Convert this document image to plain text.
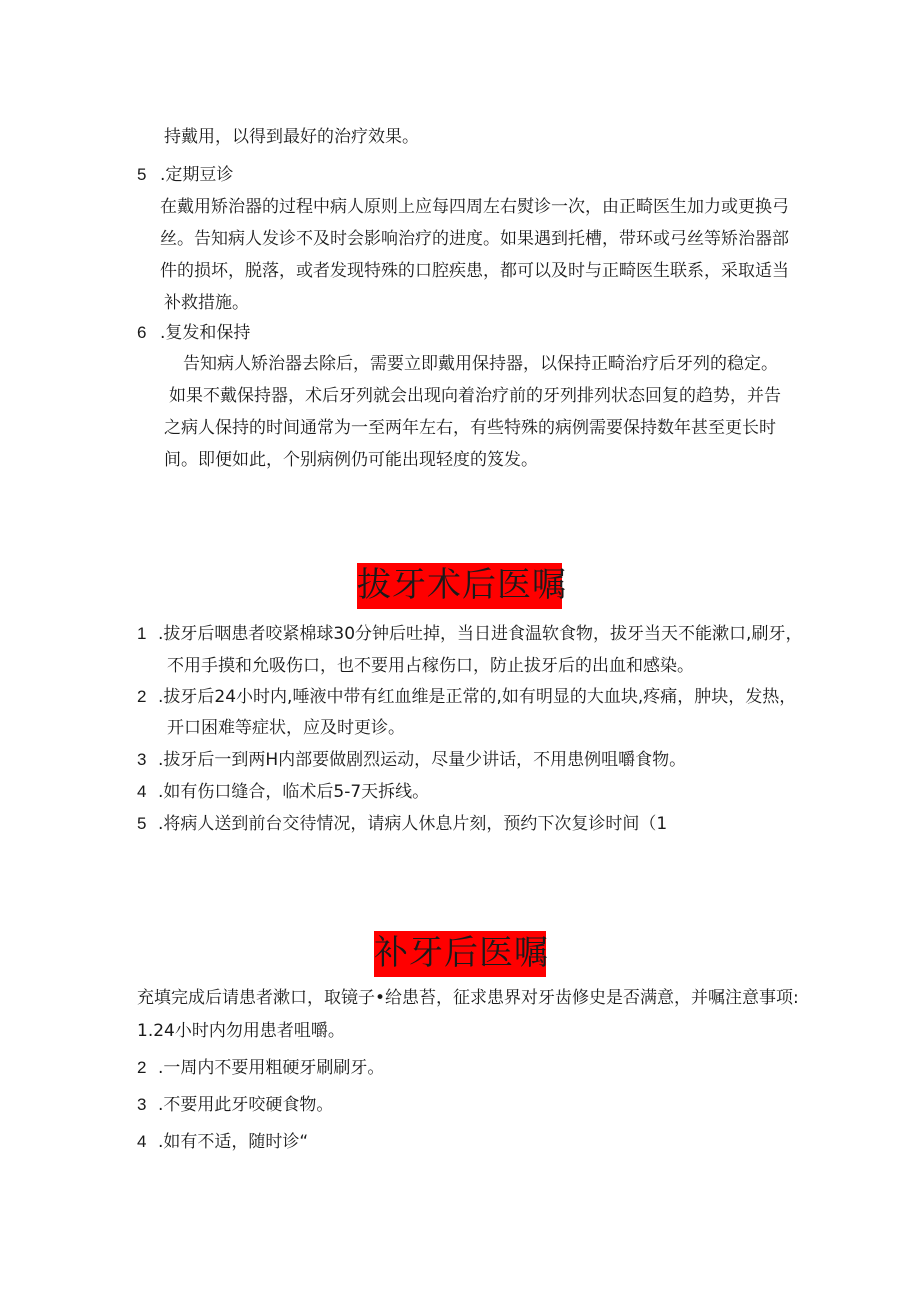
持戴用，以得到最好的治疗效果。
5 .定期豆诊
在戴用矫治器的过程中病人原则上应每四周左右熨诊一次，由正畸医生加力或更换弓
丝。告知病人发诊不及时会影响治疗的进度。如果遇到托槽，带环或弓丝等矫治器部
件的损坏，脱落，或者发现特殊的口腔疾患，都可以及时与正畸医生联系，采取适当
补救措施。
6 .复发和保持
告知病人矫治器去除后，需要立即戴用保持器，以保持正畸治疗后牙列的稳定。
如果不戴保持器，术后牙列就会出现向着治疗前的牙列排列状态回复的趋势，并告
之病人保持的时间通常为一至两年左右，有些特殊的病例需要保持数年甚至更长时
间。即便如此，个别病例仍可能出现轻度的笈发。
拔牙术后医嘱
1 .拔牙后咽患者咬紧棉球30分钟后吐掉，当日进食温软食物，拔牙当天不能漱口,刷牙，
不用手摸和允吸伤口，也不要用占稼伤口，防止拔牙后的出血和感染。
2 .拔牙后24小时内,唾液中带有红血维是正常的,如有明显的大血块,疼痛，肿块，发热，
开口困难等症状，应及时更诊。
3 .拔牙后一到两H内部要做剧烈运动，尽量少讲话，不用患例咀嚼食物。
4 .如有伤口缝合，临术后5-7天拆线。
5 .将病人送到前台交待情况，请病人休息片刻，预约下次复诊时间（1
补牙后医嘱
充填完成后请患者漱口，取镜子•给患苔，征求患界对牙齿修史是否满意，并嘱注意事项:
1.24小时内勿用患者咀嚼。
2 .一周内不要用粗硬牙刷刷牙。
3 .不要用此牙咬硬食物。
4 .如有不适，随时诊“
